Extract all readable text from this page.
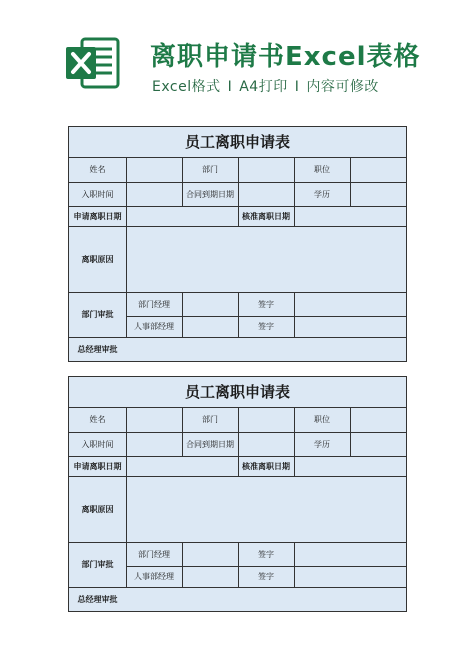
离职申请书Excel表格
Excel格式 I A4打印 I 内容可修改
员工离职申请表
姓名	部门	职位
入职时间	合同到期日期	学历
申请离职日期	核准离职日期
离职原因
部门审批
部门经理	签字
人事部经理	签字
总经理审批
员工离职申请表
姓名	部门	职位
入职时间	合同到期日期	学历
申请离职日期	核准离职日期
离职原因
部门审批
部门经理	签字
人事部经理	签字
总经理审批
